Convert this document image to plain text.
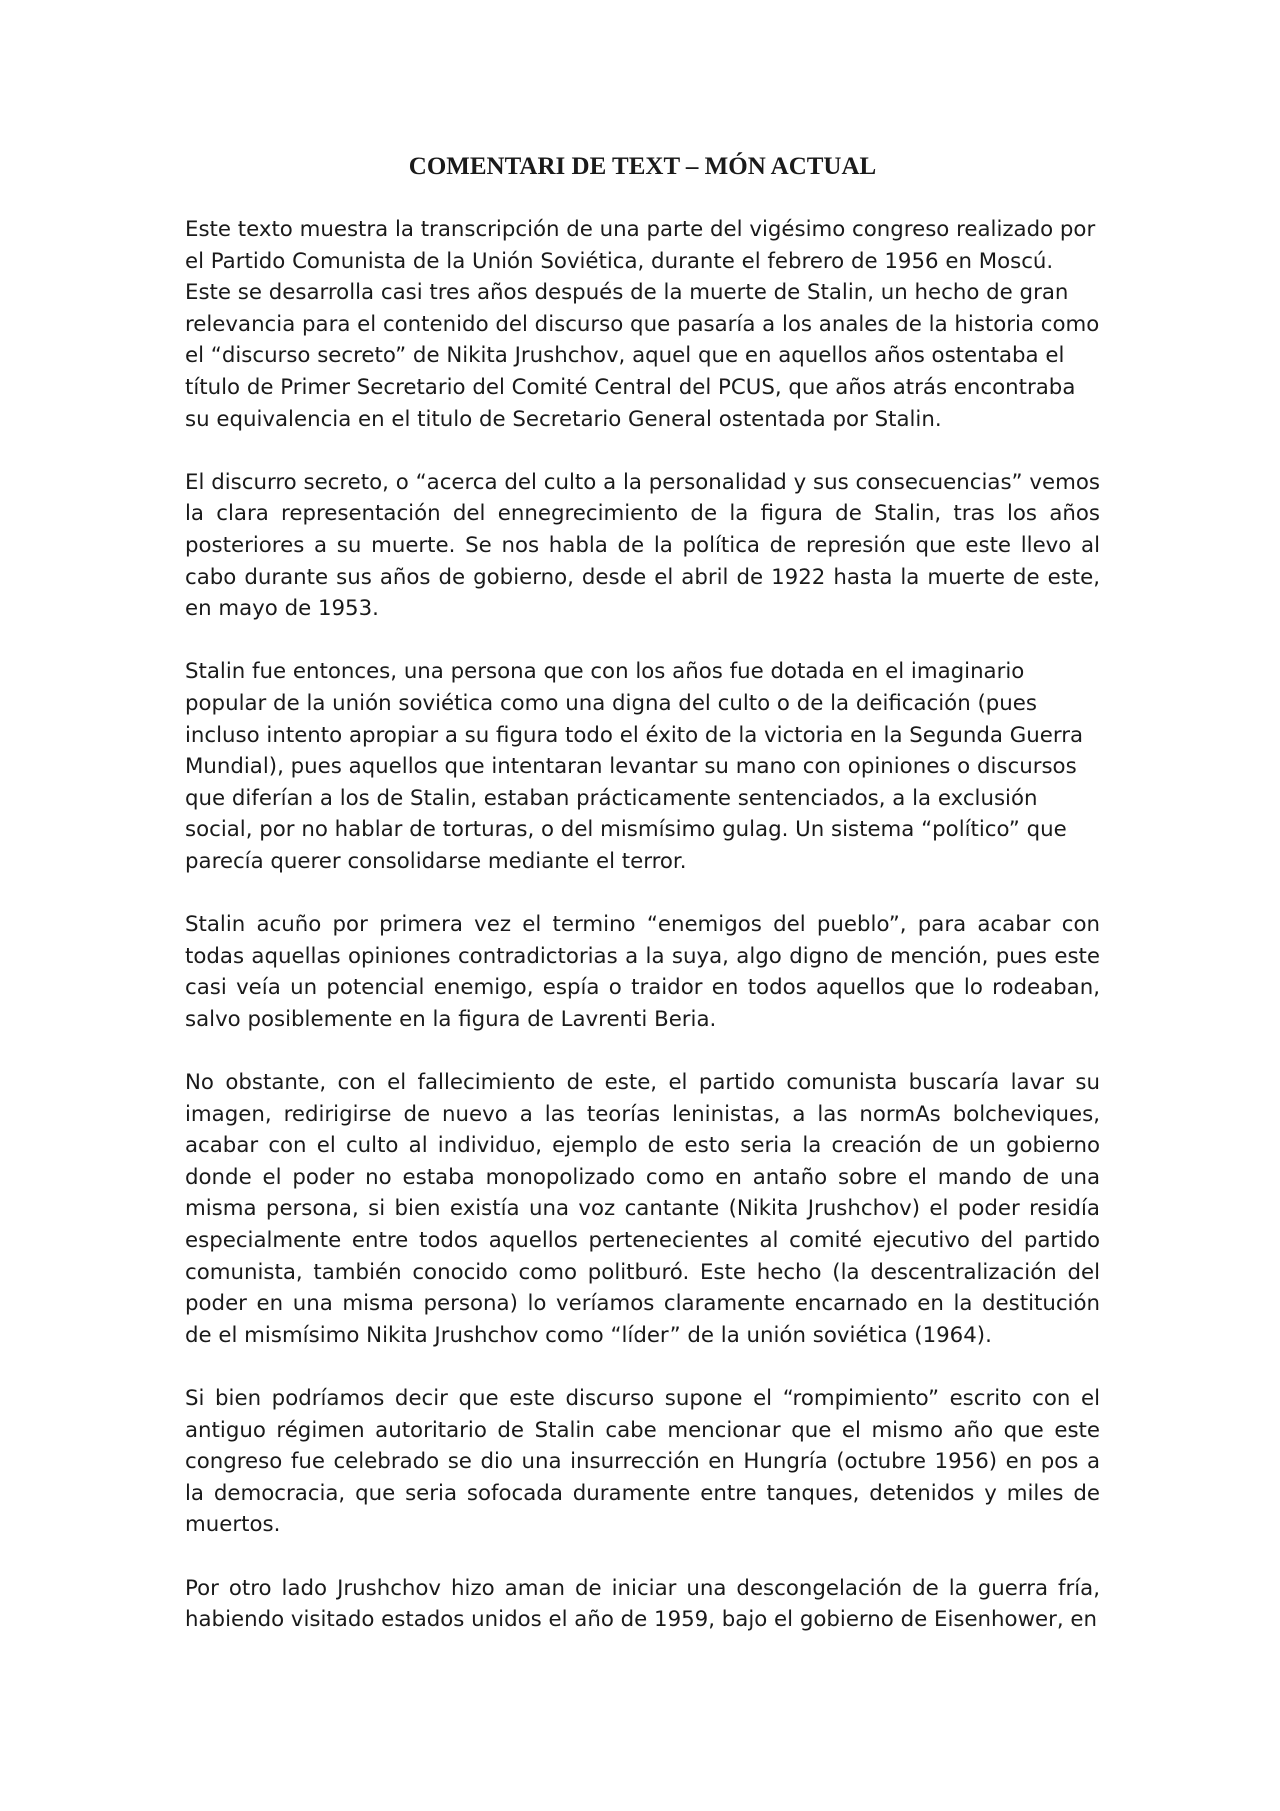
COMENTARI DE TEXT – MÓN ACTUAL

Este texto muestra la transcripción de una parte del vigésimo congreso realizado por el Partido Comunista de la Unión Soviética, durante el febrero de 1956 en Moscú. Este se desarrolla casi tres años después de la muerte de Stalin, un hecho de gran relevancia para el contenido del discurso que pasaría a los anales de la historia como el “discurso secreto” de Nikita Jrushchov, aquel que en aquellos años ostentaba el título de Primer Secretario del Comité Central del PCUS, que años atrás encontraba su equivalencia en el titulo de Secretario General ostentada por Stalin.

El discurro secreto, o “acerca del culto a la personalidad y sus consecuencias” vemos la clara representación del ennegrecimiento de la figura de Stalin, tras los años posteriores a su muerte. Se nos habla de la política de represión que este llevo al cabo durante sus años de gobierno, desde el abril de 1922 hasta la muerte de este, en mayo de 1953.

Stalin fue entonces, una persona que con los años fue dotada en el imaginario popular de la unión soviética como una digna del culto o de la deificación (pues incluso intento apropiar a su figura todo el éxito de la victoria en la Segunda Guerra Mundial), pues aquellos que intentaran levantar su mano con opiniones o discursos que diferían a los de Stalin, estaban prácticamente sentenciados, a la exclusión social, por no hablar de torturas, o del mismísimo gulag. Un sistema “político” que parecía querer consolidarse mediante el terror.

Stalin acuño por primera vez el termino “enemigos del pueblo”, para acabar con todas aquellas opiniones contradictorias a la suya, algo digno de mención, pues este casi veía un potencial enemigo, espía o traidor en todos aquellos que lo rodeaban, salvo posiblemente en la figura de Lavrenti Beria.

No obstante, con el fallecimiento de este, el partido comunista buscaría lavar su imagen, redirigirse de nuevo a las teorías leninistas, a las normAs bolcheviques, acabar con el culto al individuo, ejemplo de esto seria la creación de un gobierno donde el poder no estaba monopolizado como en antaño sobre el mando de una misma persona, si bien existía una voz cantante (Nikita Jrushchov) el poder residía especialmente entre todos aquellos pertenecientes al comité ejecutivo del partido comunista, también conocido como politburó. Este hecho (la descentralización del poder en una misma persona) lo veríamos claramente encarnado en la destitución de el mismísimo Nikita Jrushchov como “líder” de la unión soviética (1964).

Si bien podríamos decir que este discurso supone el “rompimiento” escrito con el antiguo régimen autoritario de Stalin cabe mencionar que el mismo año que este congreso fue celebrado se dio una insurrección en Hungría (octubre 1956) en pos a la democracia, que seria sofocada duramente entre tanques, detenidos y miles de muertos.

Por otro lado Jrushchov hizo aman de iniciar una descongelación de la guerra fría, habiendo visitado estados unidos el año de 1959, bajo el gobierno de Eisenhower, en
